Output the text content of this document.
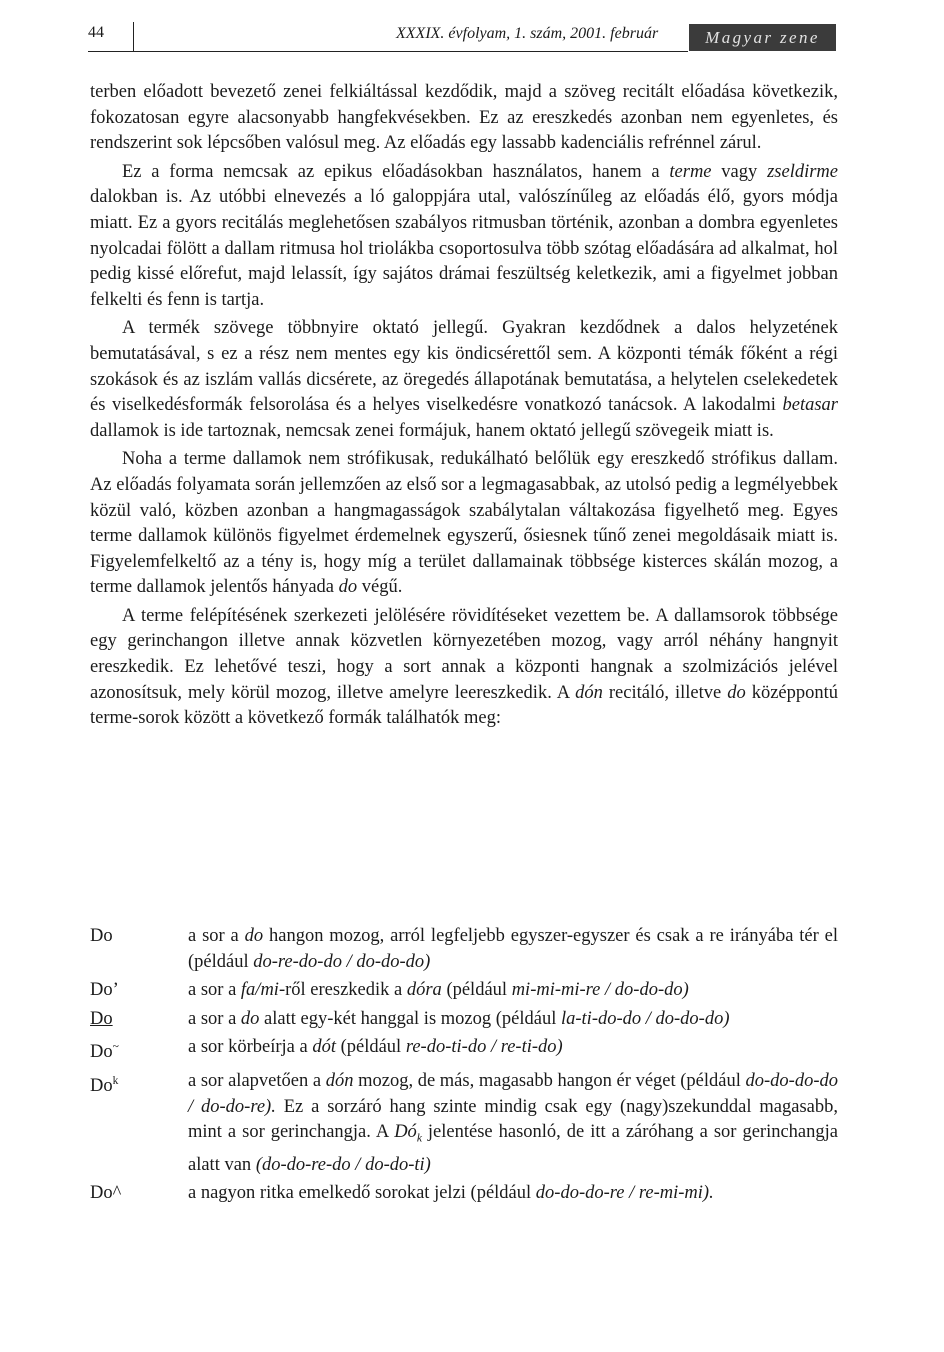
44	XXXIX. évfolyam, 1. szám, 2001. február	Magyar zene

terben előadott bevezető zenei felkiáltással kezdődik, majd a szöveg recitált előadása következik, fokozatosan egyre alacsonyabb hangfekvésekben. Ez az ereszkedés azonban nem egyenletes, és rendszerint sok lépcsőben valósul meg. Az előadás egy lassabb kadenciális refrénnel zárul.

Ez a forma nemcsak az epikus előadásokban használatos, hanem a terme vagy zseldirme dalokban is. Az utóbbi elnevezés a ló galoppjára utal, valószínűleg az előadás élő, gyors módja miatt. Ez a gyors recitálás meglehetősen szabályos ritmusban történik, azonban a dombra egyenletes nyolcadai fölött a dallam ritmusa hol triolákba csoportosulva több szótag előadására ad alkalmat, hol pedig kissé előrefut, majd lelassít, így sajátos drámai feszültség keletkezik, ami a figyelmet jobban felkelti és fenn is tartja.

A termék szövege többnyire oktató jellegű. Gyakran kezdődnek a dalos helyzetének bemutatásával, s ez a rész nem mentes egy kis öndicsérettől sem. A központi témák főként a régi szokások és az iszlám vallás dicsérete, az öregedés állapotának bemutatása, a helytelen cselekedetek és viselkedésformák felsorolása és a helyes viselkedésre vonatkozó tanácsok. A lakodalmi betasar dallamok is ide tartoznak, nemcsak zenei formájuk, hanem oktató jellegű szövegeik miatt is.

Noha a terme dallamok nem strófikusak, redukálható belőlük egy ereszkedő strófikus dallam. Az előadás folyamata során jellemzően az első sor a legmagasabbak, az utolsó pedig a legmélyebbek közül való, közben azonban a hangmagasságok szabálytalan váltakozása figyelhető meg. Egyes terme dallamok különös figyelmet érdemelnek egyszerű, ősiesnek tűnő zenei megoldásaik miatt is. Figyelemfelkeltő az a tény is, hogy míg a terület dallamainak többsége kisterces skálán mozog, a terme dallamok jelentős hányada do végű.

A terme felépítésének szerkezeti jelölésére rövidítéseket vezettem be. A dallamsorok többsége egy gerinchangon illetve annak közvetlen környezetében mozog, vagy arról néhány hangnyit ereszkedik. Ez lehetővé teszi, hogy a sort annak a központi hangnak a szolmizációs jelével azonosítsuk, mely körül mozog, illetve amelyre leereszkedik. A dón recitáló, illetve do középpontú terme-sorok között a következő formák találhatók meg:

Do	a sor a do hangon mozog, arról legfeljebb egyszer-egyszer és csak a re irányába tér el (például do-re-do-do / do-do-do)
Do’	a sor a fa/mi-ről ereszkedik a dóra (például mi-mi-mi-re / do-do-do)
Do	a sor a do alatt egy-két hanggal is mozog (például la-ti-do-do / do-do-do)
Do~	a sor körbeírja a dót (például re-do-ti-do / re-ti-do)
Do$^k$	a sor alapvetően a dón mozog, de más, magasabb hangon ér véget (például do-do-do-do / do-do-re). Ez a sorzáró hang szinte mindig csak egy (nagy)szekunddal magasabb, mint a sor gerinchangja. A $Dó_k$ jelentése hasonló, de itt a záróhang a sor gerinchangja alatt van (do-do-re-do / do-do-ti)
Do^	a nagyon ritka emelkedő sorokat jelzi (például do-do-do-re / re-mi-mi).
